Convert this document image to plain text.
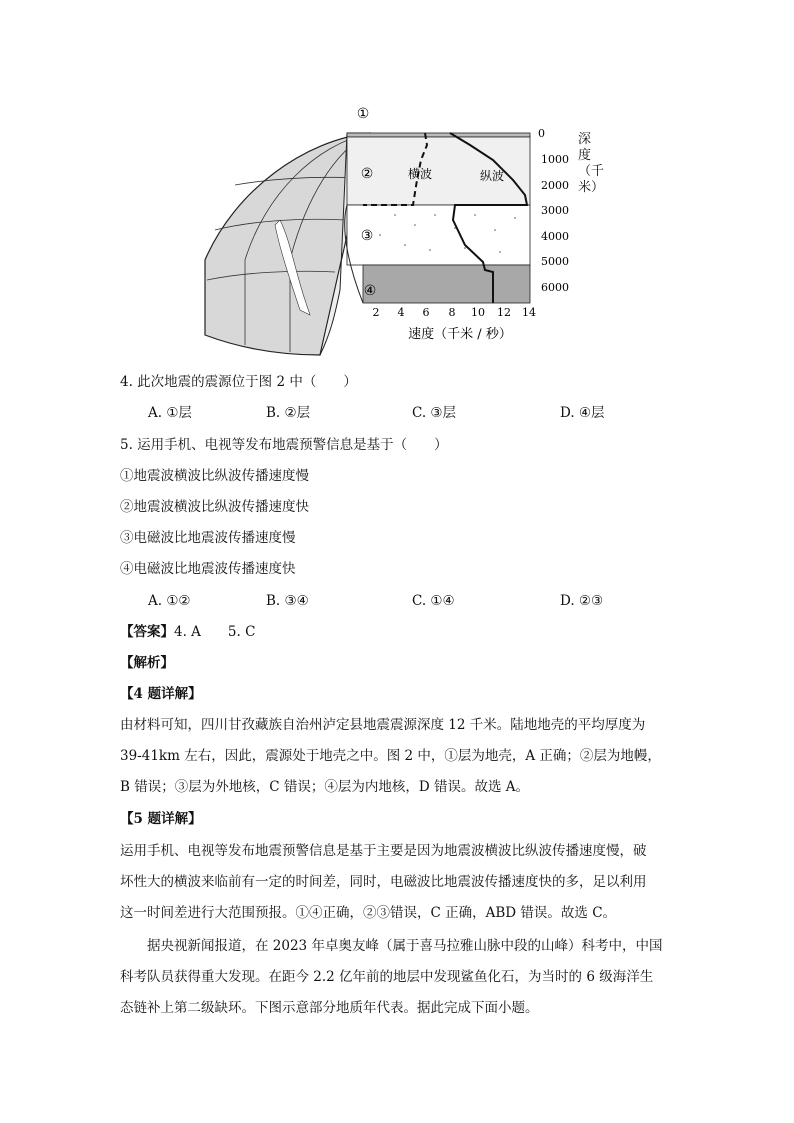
①
②
③
④
横波	纵波
2 4 6 8 10 12 14
速度（千米 / 秒）
0
1000
2000
3000
4000
5000
6000
深度（千米）
4. 此次地震的震源位于图 2 中（　　）
A. ①层	B. ②层	C. ③层	D. ④层
5. 运用手机、电视等发布地震预警信息是基于（　　）
①地震波横波比纵波传播速度慢
②地震波横波比纵波传播速度快
③电磁波比地震波传播速度慢
④电磁波比地震波传播速度快
A. ①②	B. ③④	C. ①④	D. ②③
【答案】4. A　　5. C
【解析】
【4 题详解】
由材料可知，四川甘孜藏族自治州泸定县地震震源深度 12 千米。陆地地壳的平均厚度为
39-41km 左右，因此，震源处于地壳之中。图 2 中，①层为地壳，A 正确；②层为地幔，
B 错误；③层为外地核，C 错误；④层为内地核，D 错误。故选 A。
【5 题详解】
运用手机、电视等发布地震预警信息是基于主要是因为地震波横波比纵波传播速度慢，破
坏性大的横波来临前有一定的时间差，同时，电磁波比地震波传播速度快的多，足以利用
这一时间差进行大范围预报。①④正确，②③错误，C 正确，ABD 错误。故选 C。
　　据央视新闻报道，在 2023 年卓奥友峰（属于喜马拉雅山脉中段的山峰）科考中，中国
科考队员获得重大发现。在距今 2.2 亿年前的地层中发现鲨鱼化石，为当时的 6 级海洋生
态链补上第二级缺环。下图示意部分地质年代表。据此完成下面小题。
